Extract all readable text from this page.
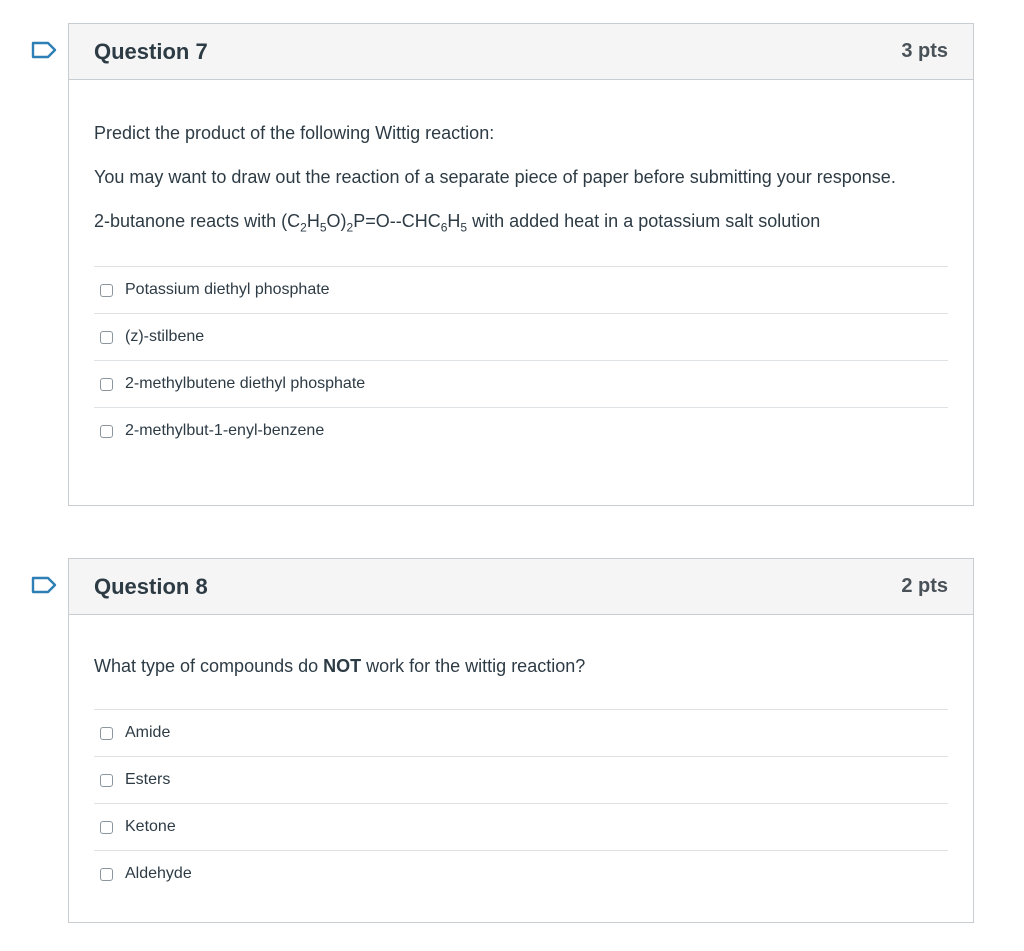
Question 7	3 pts

Predict the product of the following Wittig reaction:

You may want to draw out the reaction of a separate piece of paper before submitting your response.

2-butanone reacts with $(C_2H_5O)_2P=O--CHC_6H_5$ with added heat in a potassium salt solution

Potassium diethyl phosphate
(z)-stilbene
2-methylbutene diethyl phosphate
2-methylbut-1-enyl-benzene
Question 8	2 pts

What type of compounds do NOT work for the wittig reaction?

Amide
Esters
Ketone
Aldehyde
